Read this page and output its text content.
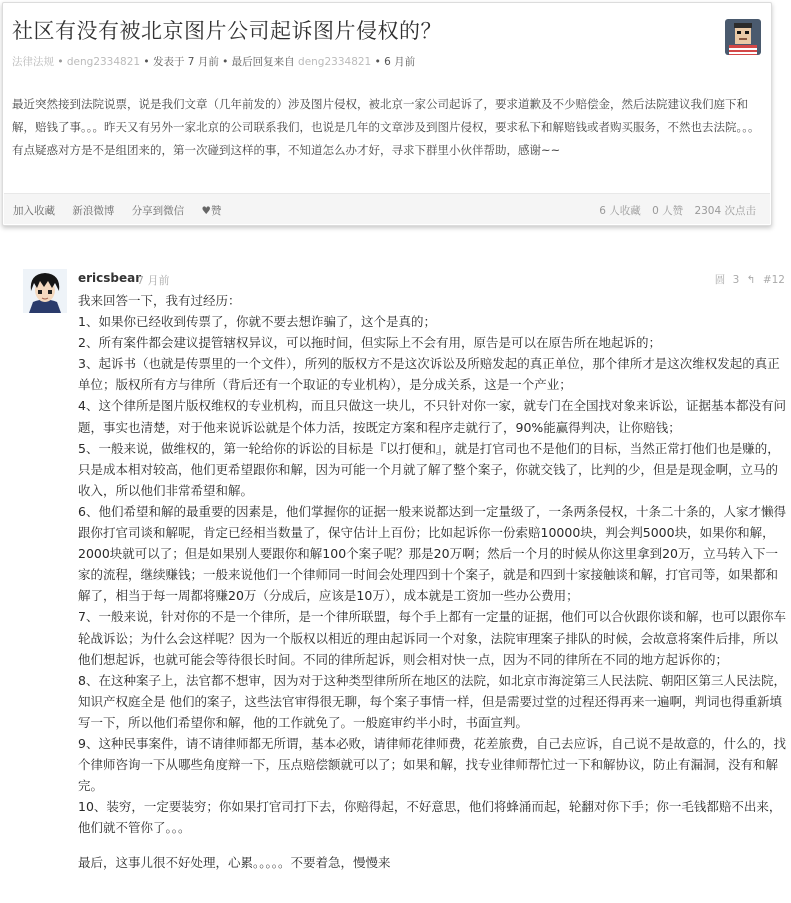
社区有没有被北京图片公司起诉图片侵权的？
法律法规 • deng2334821 • 发表于 7 月前 • 最后回复来自 deng2334821 • 6 月前

最近突然接到法院说票，说是我们文章（几年前发的）涉及图片侵权，被北京一家公司起诉了，要求道歉及不少赔偿金，然后法院建议我们庭下和解，赔钱了事。。。昨天又有另外一家北京的公司联系我们，也说是几年的文章涉及到图片侵权，要求私下和解赔钱或者购买服务，不然也去法院。。。有点疑惑对方是不是组团来的，第一次碰到这样的事，不知道怎么办才好，寻求下群里小伙伴帮助，感谢~~

加入收藏 新浪微博 分享到微信 ♥赞	6 人收藏 0 人赞 2304 次点击
ericsbear
7 月前	圆 3 ↰ #12

我来回答一下，我有过经历：

1、如果你已经收到传票了，你就不要去想诈骗了，这个是真的；

2、所有案件都会建议提管辖权异议，可以拖时间，但实际上不会有用，原告是可以在原告所在地起诉的；

3、起诉书（也就是传票里的一个文件），所列的版权方不是这次诉讼及所赔发起的真正单位，那个律所才是这次维权发起的真正单位；版权所有方与律所（背后还有一个取证的专业机构），是分成关系，这是一个产业；

4、这个律所是图片版权维权的专业机构，而且只做这一块儿，不只针对你一家，就专门在全国找对象来诉讼，证据基本都没有问题，事实也清楚，对于他来说诉讼就是个体力活，按既定方案和程序走就行了，90%能赢得判决，让你赔钱；

5、一般来说，做维权的，第一轮给你的诉讼的目标是『以打便和』，就是打官司也不是他们的目标，当然正常打他们也是赚的，只是成本相对较高，他们更希望跟你和解，因为可能一个月就了解了整个案子，你就交钱了，比判的少，但是是现金啊，立马的收入，所以他们非常希望和解。

6、他们希望和解的最重要的因素是，他们掌握你的证据一般来说都达到一定量级了，一条两条侵权，十条二十条的，人家才懒得跟你打官司谈和解呢，肯定已经相当数量了，保守估计上百份；比如起诉你一份索赔10000块，判会判5000块，如果你和解，2000块就可以了；但是如果别人要跟你和解100个案子呢？那是20万啊；然后一个月的时候从你这里拿到20万，立马转入下一家的流程，继续赚钱；一般来说他们一个律师同一时间会处理四到十个案子，就是和四到十家接触谈和解，打官司等，如果都和解了，相当于每一周都将赚20万（分成后，应该是10万），成本就是工资加一些办公费用；

7、一般来说，针对你的不是一个律所，是一个律所联盟，每个手上都有一定量的证据，他们可以合伙跟你谈和解，也可以跟你车轮战诉讼；为什么会这样呢？因为一个版权以相近的理由起诉同一个对象，法院审理案子排队的时候，会故意将案件后排，所以他们想起诉，也就可能会等待很长时间。不同的律所起诉，则会相对快一点，因为不同的律所在不同的地方起诉你的；

8、在这种案子上，法官都不想审，因为对于这种类型律所所在地区的法院，如北京市海淀第三人民法院、朝阳区第三人民法院，知识产权庭全是 他们的案子，这些法官审得很无聊，每个案子事情一样，但是需要过堂的过程还得再来一遍啊，判词也得重新填写一下，所以他们希望你和解，他的工作就免了。一般庭审约半小时，书面宣判。

9、这种民事案件，请不请律师都无所谓，基本必败，请律师花律师费，花差旅费，自己去应诉，自己说不是故意的，什么的，找个律师咨询一下从哪些角度辩一下，压点赔偿额就可以了；如果和解，找专业律师帮忙过一下和解协议，防止有漏洞，没有和解完。

10、装穷，一定要装穷；你如果打官司打下去，你赔得起，不好意思，他们将蜂涌而起，轮翻对你下手；你一毛钱都赔不出来，他们就不管你了。。。

最后，这事儿很不好处理，心累。。。。。不要着急，慢慢来
